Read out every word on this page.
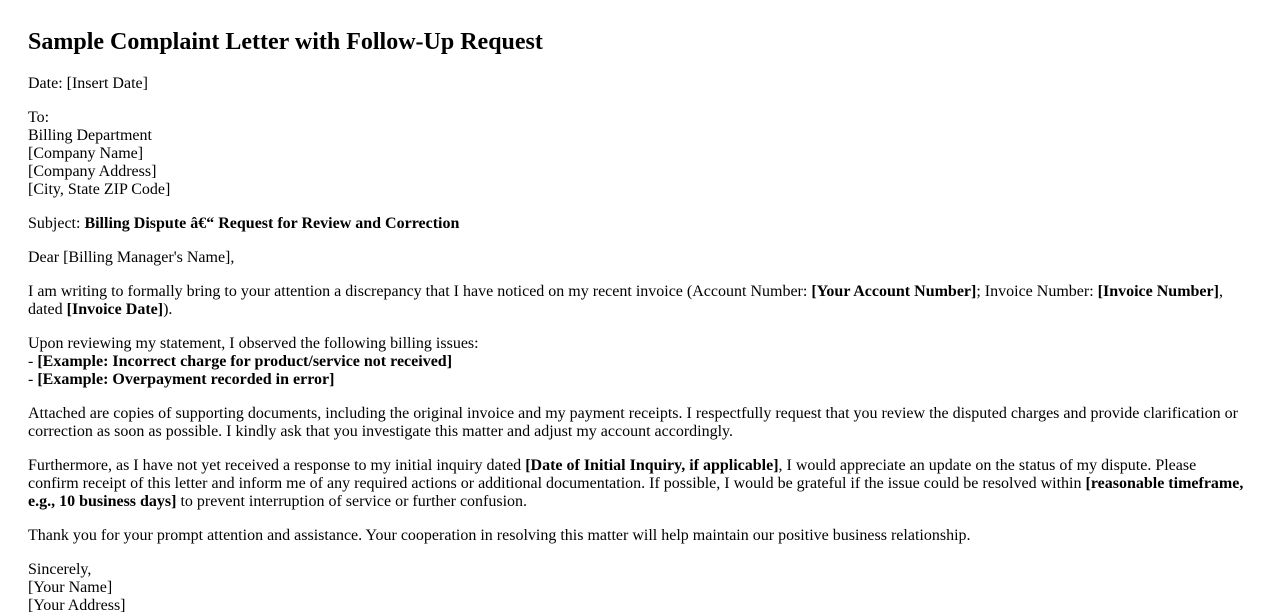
Sample Complaint Letter with Follow-Up Request

Date: [Insert Date]

To:
Billing Department
[Company Name]
[Company Address]
[City, State ZIP Code]

Subject: Billing Dispute â€“ Request for Review and Correction

Dear [Billing Manager's Name],

I am writing to formally bring to your attention a discrepancy that I have noticed on my recent invoice (Account Number: [Your Account Number]; Invoice Number: [Invoice Number], dated [Invoice Date]).

Upon reviewing my statement, I observed the following billing issues:
- [Example: Incorrect charge for product/service not received]
- [Example: Overpayment recorded in error]

Attached are copies of supporting documents, including the original invoice and my payment receipts. I respectfully request that you review the disputed charges and provide clarification or correction as soon as possible. I kindly ask that you investigate this matter and adjust my account accordingly.

Furthermore, as I have not yet received a response to my initial inquiry dated [Date of Initial Inquiry, if applicable], I would appreciate an update on the status of my dispute. Please confirm receipt of this letter and inform me of any required actions or additional documentation. If possible, I would be grateful if the issue could be resolved within [reasonable timeframe, e.g., 10 business days] to prevent interruption of service or further confusion.

Thank you for your prompt attention and assistance. Your cooperation in resolving this matter will help maintain our positive business relationship.

Sincerely,
[Your Name]
[Your Address]
